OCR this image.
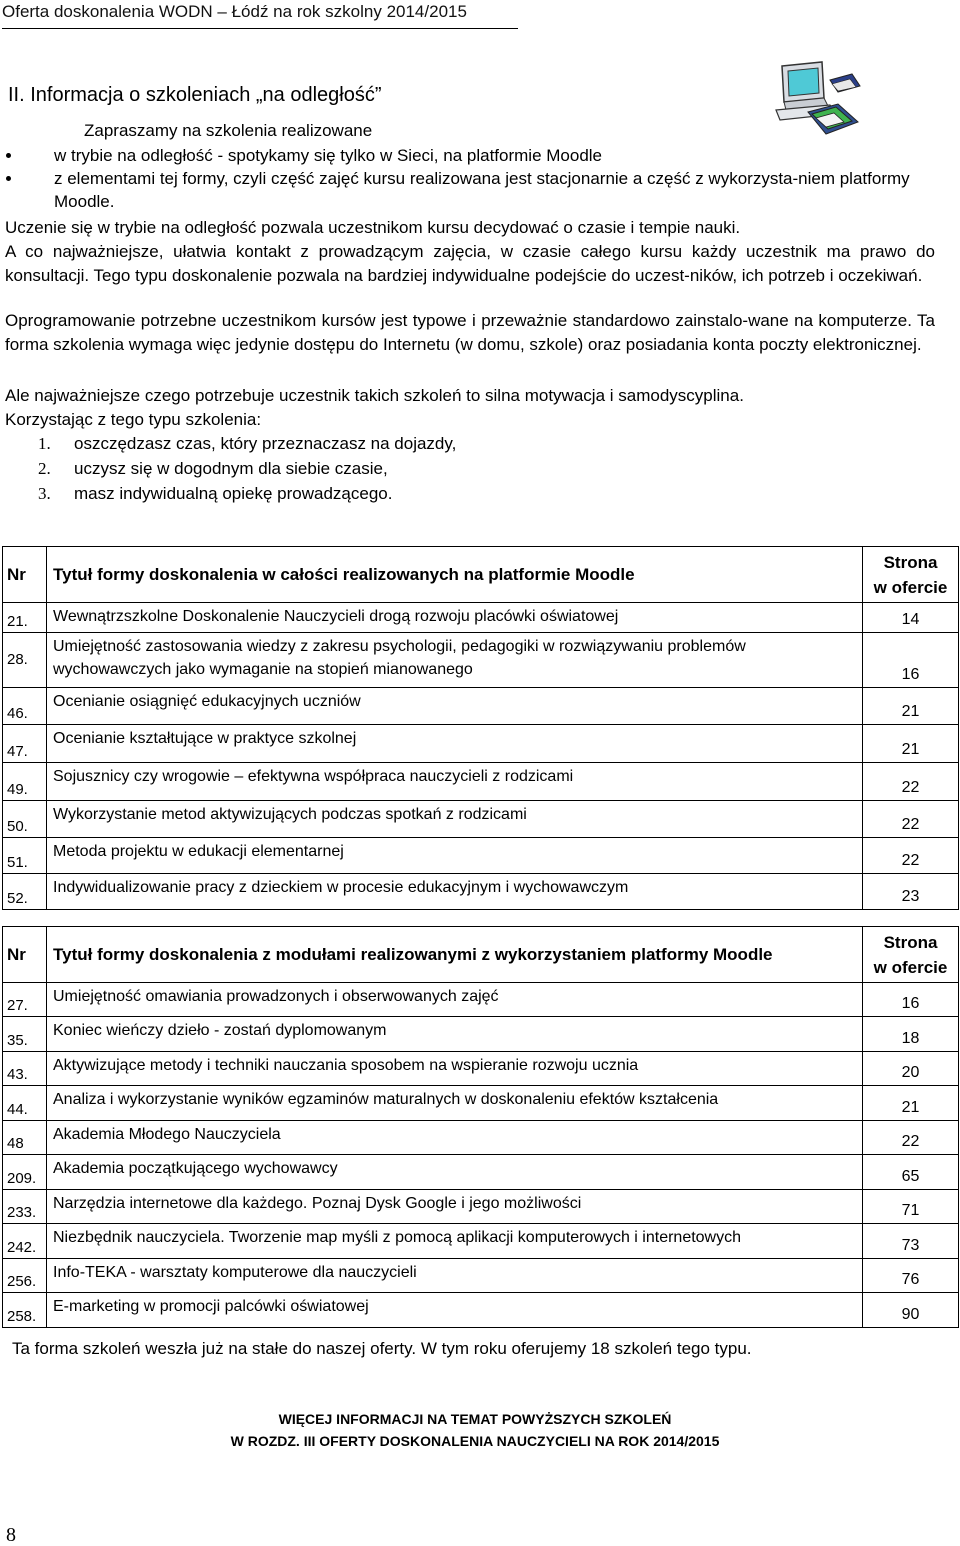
Oferta doskonalenia WODN – Łódź na rok szkolny 2014/2015
II. Informacja o szkoleniach „na odległość”
Zapraszamy na szkolenia realizowane
w trybie na odległość - spotykamy się tylko w Sieci, na platformie Moodle
z elementami tej formy, czyli część zajęć kursu realizowana jest stacjonarnie a część z wykorzysta-niem platformy Moodle.

Uczenie się w trybie na odległość pozwala uczestnikom kursu decydować o czasie i tempie nauki.

A co najważniejsze, ułatwia kontakt z prowadzącym zajęcia, w czasie całego kursu każdy uczestnik ma prawo do konsultacji. Tego typu doskonalenie pozwala na bardziej indywidualne podejście do uczest-ników, ich potrzeb i oczekiwań.

Oprogramowanie potrzebne uczestnikom kursów jest typowe i przeważnie standardowo zainstalo-wane na komputerze. Ta forma szkolenia wymaga więc jedynie dostępu do Internetu (w domu, szkole) oraz posiadania konta poczty elektronicznej.

Ale najważniejsze czego potrzebuje uczestnik takich szkoleń to silna motywacja i samodyscyplina.

Korzystając z tego typu szkolenia:

1. oszczędzasz czas, który przeznaczasz na dojazdy,
2. uczysz się w dogodnym dla siebie czasie,
3. masz indywidualną opiekę prowadzącego.
Nr	Tytuł formy doskonalenia w całości realizowanych na platformie Moodle	Strona
w ofercie
21.	Wewnątrzszkolne Doskonalenie Nauczycieli drogą rozwoju placówki oświatowej	14
28.	Umiejętność zastosowania wiedzy z zakresu psychologii, pedagogiki w rozwiązywaniu problemów wychowawczych jako wymaganie na stopień mianowanego	16
46.	Ocenianie osiągnięć edukacyjnych uczniów	21
47.	Ocenianie kształtujące w praktyce szkolnej	21
49.	Sojusznicy czy wrogowie – efektywna współpraca nauczycieli z rodzicami	22
50.	Wykorzystanie metod aktywizujących podczas spotkań z rodzicami	22
51.	Metoda projektu w edukacji elementarnej	22
52.	Indywidualizowanie pracy z dzieckiem w procesie edukacyjnym i wychowawczym	23
Nr	Tytuł formy doskonalenia z modułami realizowanymi z wykorzystaniem platformy Moodle	Strona
w ofercie
27.	Umiejętność omawiania prowadzonych i obserwowanych zajęć	16
35.	Koniec wieńczy dzieło - zostań dyplomowanym	18
43.	Aktywizujące metody i techniki nauczania sposobem na wspieranie rozwoju ucznia	20
44.	Analiza i wykorzystanie wyników egzaminów maturalnych w doskonaleniu efektów kształcenia	21
48	Akademia Młodego Nauczyciela	22
209.	Akademia początkującego wychowawcy	65
233.	Narzędzia internetowe dla każdego. Poznaj Dysk Google i jego możliwości	71
242.	Niezbędnik nauczyciela. Tworzenie map myśli z pomocą aplikacji komputerowych i internetowych	73
256.	Info-TEKA - warsztaty komputerowe dla nauczycieli	76
258.	E-marketing w promocji palcówki oświatowej	90
Ta forma szkoleń weszła już na stałe do naszej oferty. W tym roku oferujemy 18 szkoleń tego typu.
WIĘCEJ INFORMACJI NA TEMAT POWYŻSZYCH SZKOLEŃ
W ROZDZ. III OFERTY DOSKONALENIA NAUCZYCIELI NA ROK 2014/2015
8
